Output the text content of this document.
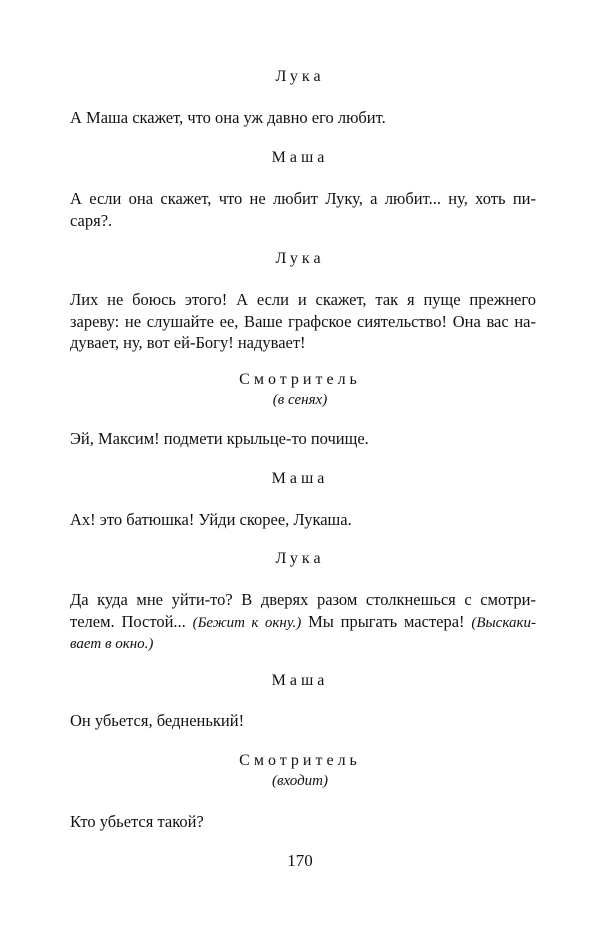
Лука
А Маша скажет, что она уж давно его любит.
Маша
А если она скажет, что не любит Луку, а любит... ну, хоть пи-
саря?.
Лука
Лих не боюсь этого! А если и скажет, так я пуще прежнего
зареву: не слушайте ее, Ваше графское сиятельство! Она вас на-
дувает, ну, вот ей-Богу! надувает!
Смотритель
(в сенях)
Эй, Максим! подмети крыльце-то почище.
Маша
Ах! это батюшка! Уйди скорее, Лукаша.
Лука
Да куда мне уйти-то? В дверях разом столкнешься с смотри-
телем. Постой... (Бежит к окну.) Мы прыгать мастера! (Выскаки-
вает в окно.)
Маша
Он убьется, бедненький!
Смотритель
(входит)
Кто убьется такой?
170
